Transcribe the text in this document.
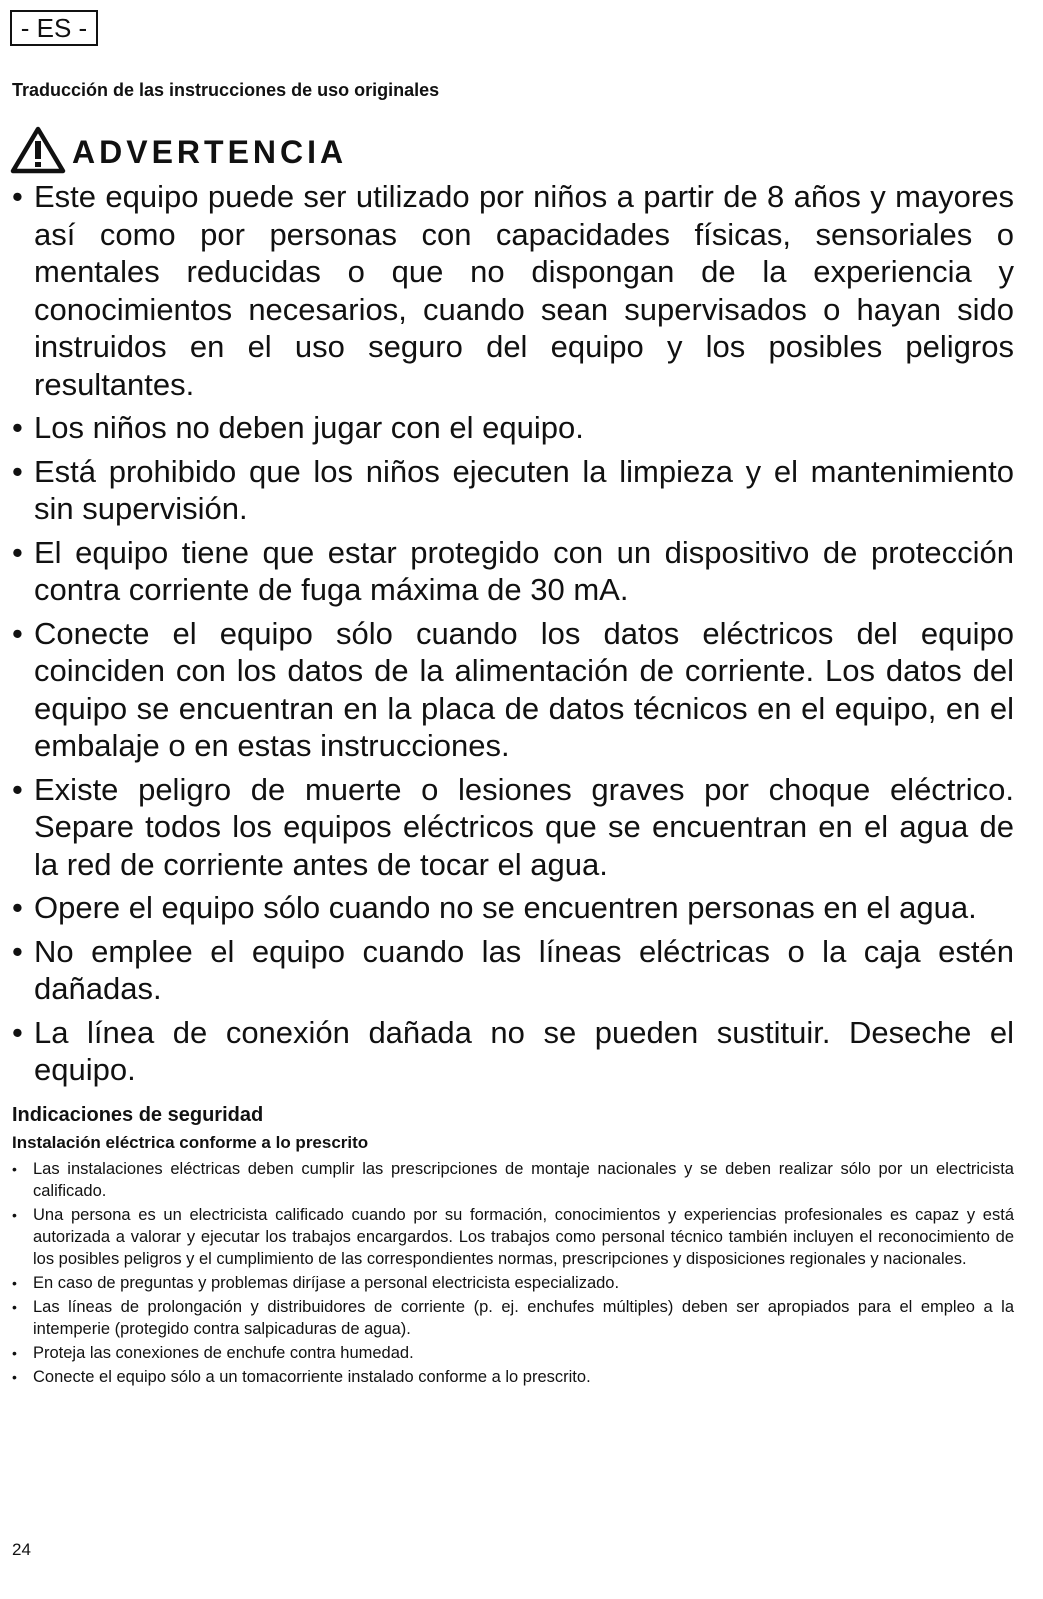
- ES -
Traducción de las instrucciones de uso originales
ADVERTENCIA
• Este equipo puede ser utilizado por niños a partir de 8 años y mayores así como por personas con capacidades físicas, sensoriales o mentales reducidas o que no dispongan de la experiencia y conocimientos necesarios, cuando sean supervisados o hayan sido instruidos en el uso seguro del equipo y los posibles peligros resultantes.
• Los niños no deben jugar con el equipo.
• Está prohibido que los niños ejecuten la limpieza y el mantenimiento sin supervisión.
• El equipo tiene que estar protegido con un dispositivo de protección contra corriente de fuga máxima de 30 mA.
• Conecte el equipo sólo cuando los datos eléctricos del equipo coinciden con los datos de la alimentación de corriente. Los datos del equipo se encuentran en la placa de datos técnicos en el equipo, en el embalaje o en estas instrucciones.
• Existe peligro de muerte o lesiones graves por choque eléctrico. Separe todos los equipos eléctricos que se encuentran en el agua de la red de corriente antes de tocar el agua.
• Opere el equipo sólo cuando no se encuentren personas en el agua.
• No emplee el equipo cuando las líneas eléctricas o la caja estén dañadas.
• La línea de conexión dañada no se pueden sustituir. Deseche el equipo.
Indicaciones de seguridad
Instalación eléctrica conforme a lo prescrito
• Las instalaciones eléctricas deben cumplir las prescripciones de montaje nacionales y se deben realizar sólo por un electricista calificado.
• Una persona es un electricista calificado cuando por su formación, conocimientos y experiencias profesionales es capaz y está autorizada a valorar y ejecutar los trabajos encargardos. Los trabajos como personal técnico también incluyen el reconocimiento de los posibles peligros y el cumplimiento de las correspondientes normas, prescripciones y disposiciones regionales y nacionales.
• En caso de preguntas y problemas diríjase a personal electricista especializado.
• Las líneas de prolongación y distribuidores de corriente (p. ej. enchufes múltiples) deben ser apropiados para el empleo a la intemperie (protegido contra salpicaduras de agua).
• Proteja las conexiones de enchufe contra humedad.
• Conecte el equipo sólo a un tomacorriente instalado conforme a lo prescrito.
24
